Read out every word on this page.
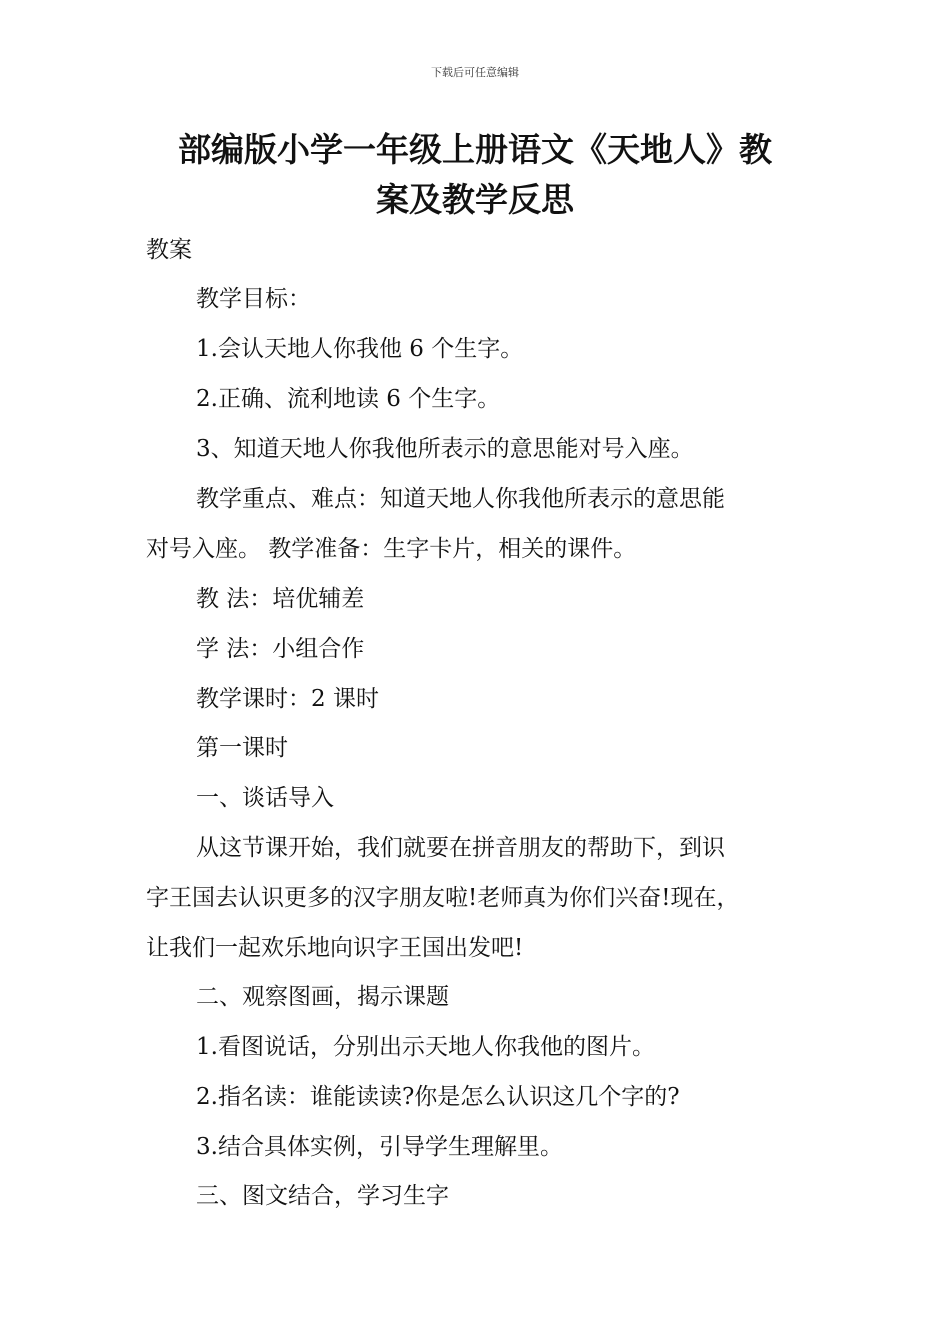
下载后可任意编辑
部编版小学一年级上册语文《天地人》教
案及教学反思
教案
教学目标：
1.会认天地人你我他 6 个生字。
2.正确、流利地读 6 个生字。
3、知道天地人你我他所表示的意思能对号入座。
教学重点、难点：知道天地人你我他所表示的意思能
对号入座。 教学准备：生字卡片，相关的课件。
教 法：培优辅差
学 法：小组合作
教学课时：2 课时
第一课时
一、谈话导入
从这节课开始，我们就要在拼音朋友的帮助下，到识
字王国去认识更多的汉字朋友啦!老师真为你们兴奋!现在，
让我们一起欢乐地向识字王国出发吧!
二、观察图画，揭示课题
1.看图说话，分别出示天地人你我他的图片。
2.指名读：谁能读读?你是怎么认识这几个字的?
3.结合具体实例，引导学生理解里。
三、图文结合，学习生字
